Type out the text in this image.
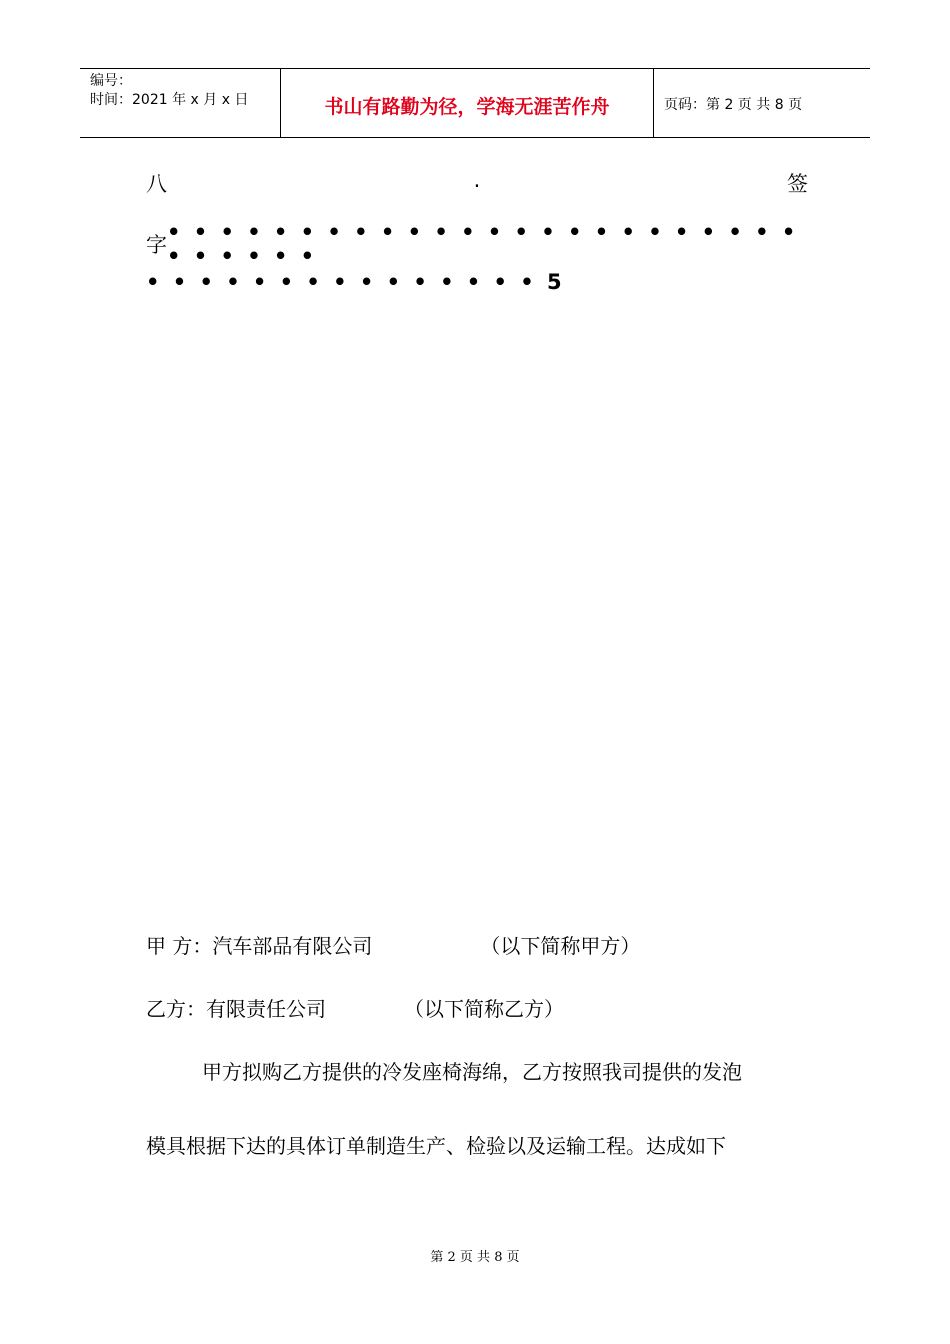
编号：
时间：2021 年 x 月 x 日	书山有路勤为径，学海无涯苦作舟	页码：第 2 页 共 8 页
八	.	签
字
• • • • • • • • • • • • • • • • • • • • • • • • • • • • • •
• • • • • • • • • • • • • • • 5
甲 方：汽车部品有限公司	（以下简称甲方）
乙方：有限责任公司	（以下简称乙方）
甲方拟购乙方提供的冷发座椅海绵，乙方按照我司提供的发泡
模具根据下达的具体订单制造生产、检验以及运输工程。达成如下
第 2 页 共 8 页
